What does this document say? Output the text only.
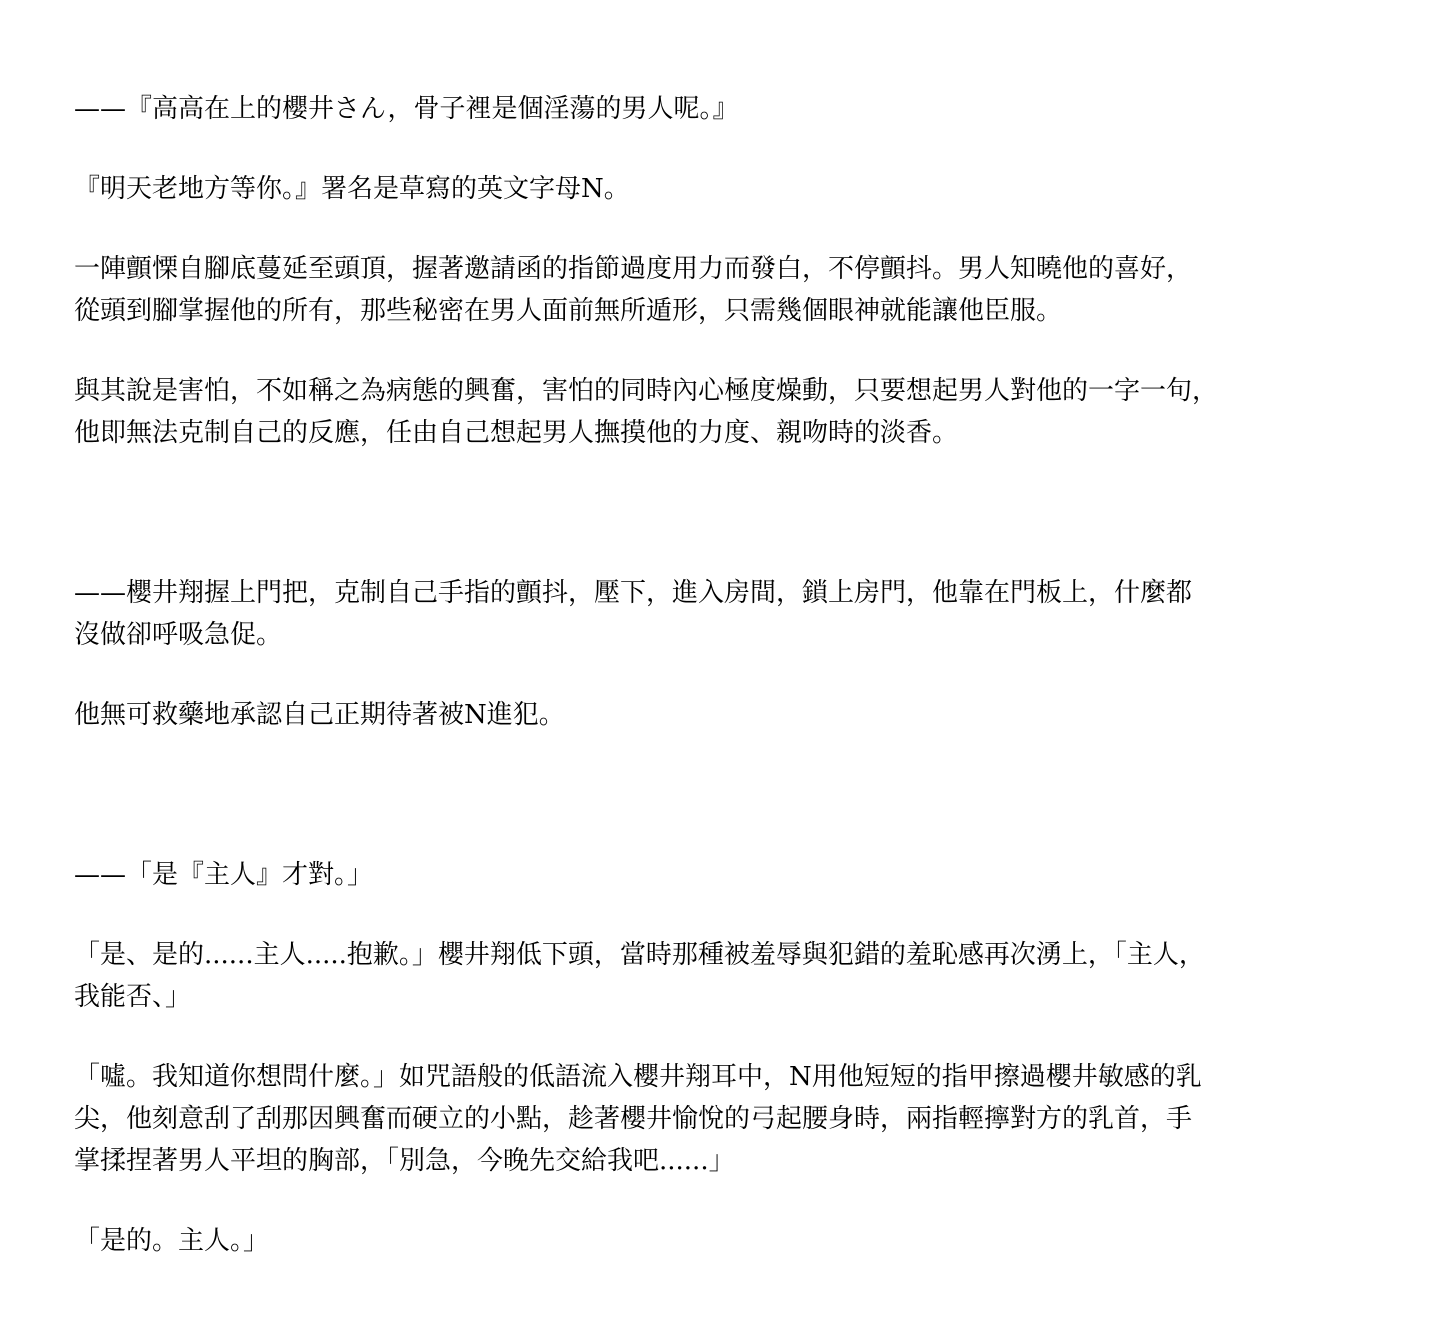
——『高高在上的櫻井さん，骨子裡是個淫蕩的男人呢。』

『明天老地方等你。』署名是草寫的英文字母N。

一陣顫慄自腳底蔓延至頭頂，握著邀請函的指節過度用力而發白，不停顫抖。男人知曉他的喜好，
從頭到腳掌握他的所有，那些秘密在男人面前無所遁形，只需幾個眼神就能讓他臣服。

與其說是害怕，不如稱之為病態的興奮，害怕的同時內心極度燥動，只要想起男人對他的一字一句，
他即無法克制自己的反應，任由自己想起男人撫摸他的力度、親吻時的淡香。

——櫻井翔握上門把，克制自己手指的顫抖，壓下，進入房間，鎖上房門，他靠在門板上，什麼都
沒做卻呼吸急促。

他無可救藥地承認自己正期待著被N進犯。

——「是『主人』才對。」

「是、是的......主人.....抱歉。」櫻井翔低下頭，當時那種被羞辱與犯錯的羞恥感再次湧上，「主人，
我能否、」

「噓。我知道你想問什麼。」如咒語般的低語流入櫻井翔耳中，N用他短短的指甲擦過櫻井敏感的乳
尖，他刻意刮了刮那因興奮而硬立的小點，趁著櫻井愉悅的弓起腰身時，兩指輕擰對方的乳首，手
掌揉捏著男人平坦的胸部，「別急，今晚先交給我吧......」

「是的。主人。」
